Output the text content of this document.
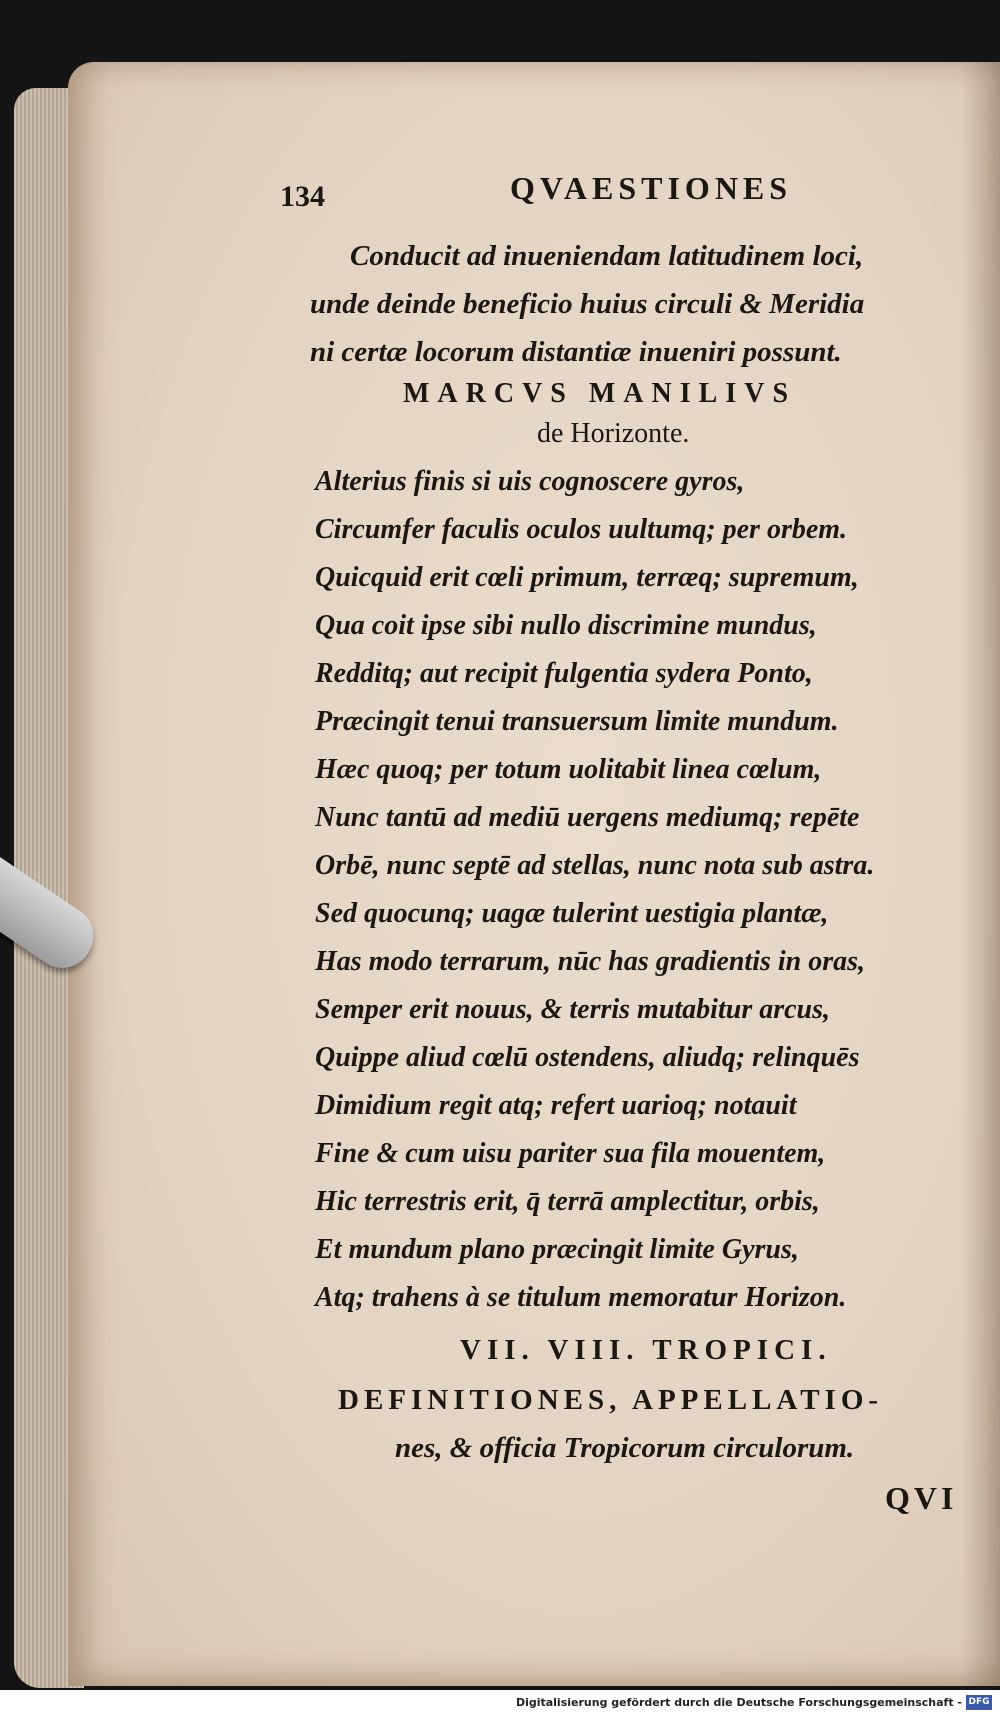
134	QVAESTIONES
Conducit ad inueniendam latitudinem loci,
unde deinde beneficio huius circuli & Meridia
ni certæ locorum distantiæ inueniri possunt.
MARCVS MANILIVS
de Horizonte.
Alterius finis si uis cognoscere gyros,
Circumfer faculis oculos uultumq; per orbem.
Quicquid erit cœli primum, terræq; supremum,
Qua coit ipse sibi nullo discrimine mundus,
Redditq; aut recipit fulgentia sydera Ponto,
Præcingit tenui transuersum limite mundum.
Hæc quoq; per totum uolitabit linea cœlum,
Nunc tantū ad mediū uergens mediumq; repēte
Orbē, nunc septē ad stellas, nunc nota sub astra.
Sed quocunq; uagæ tulerint uestigia plantæ,
Has modo terrarum, nūc has gradientis in oras,
Semper erit nouus, & terris mutabitur arcus,
Quippe aliud cœlū ostendens, aliudq; relinquēs
Dimidium regit atq; refert uarioq; notauit
Fine & cum uisu pariter sua fila mouentem,
Hic terrestris erit, q̄ terrā amplectitur, orbis,
Et mundum plano præcingit limite Gyrus,
Atq; trahens à se titulum memoratur Horizon.
VII. VIII. TROPICI.
DEFINITIONES, APPELLATIO-
nes, & officia Tropicorum circulorum.
QVI
Digitalisierung gefördert durch die Deutsche Forschungsgemeinschaft - DFG
